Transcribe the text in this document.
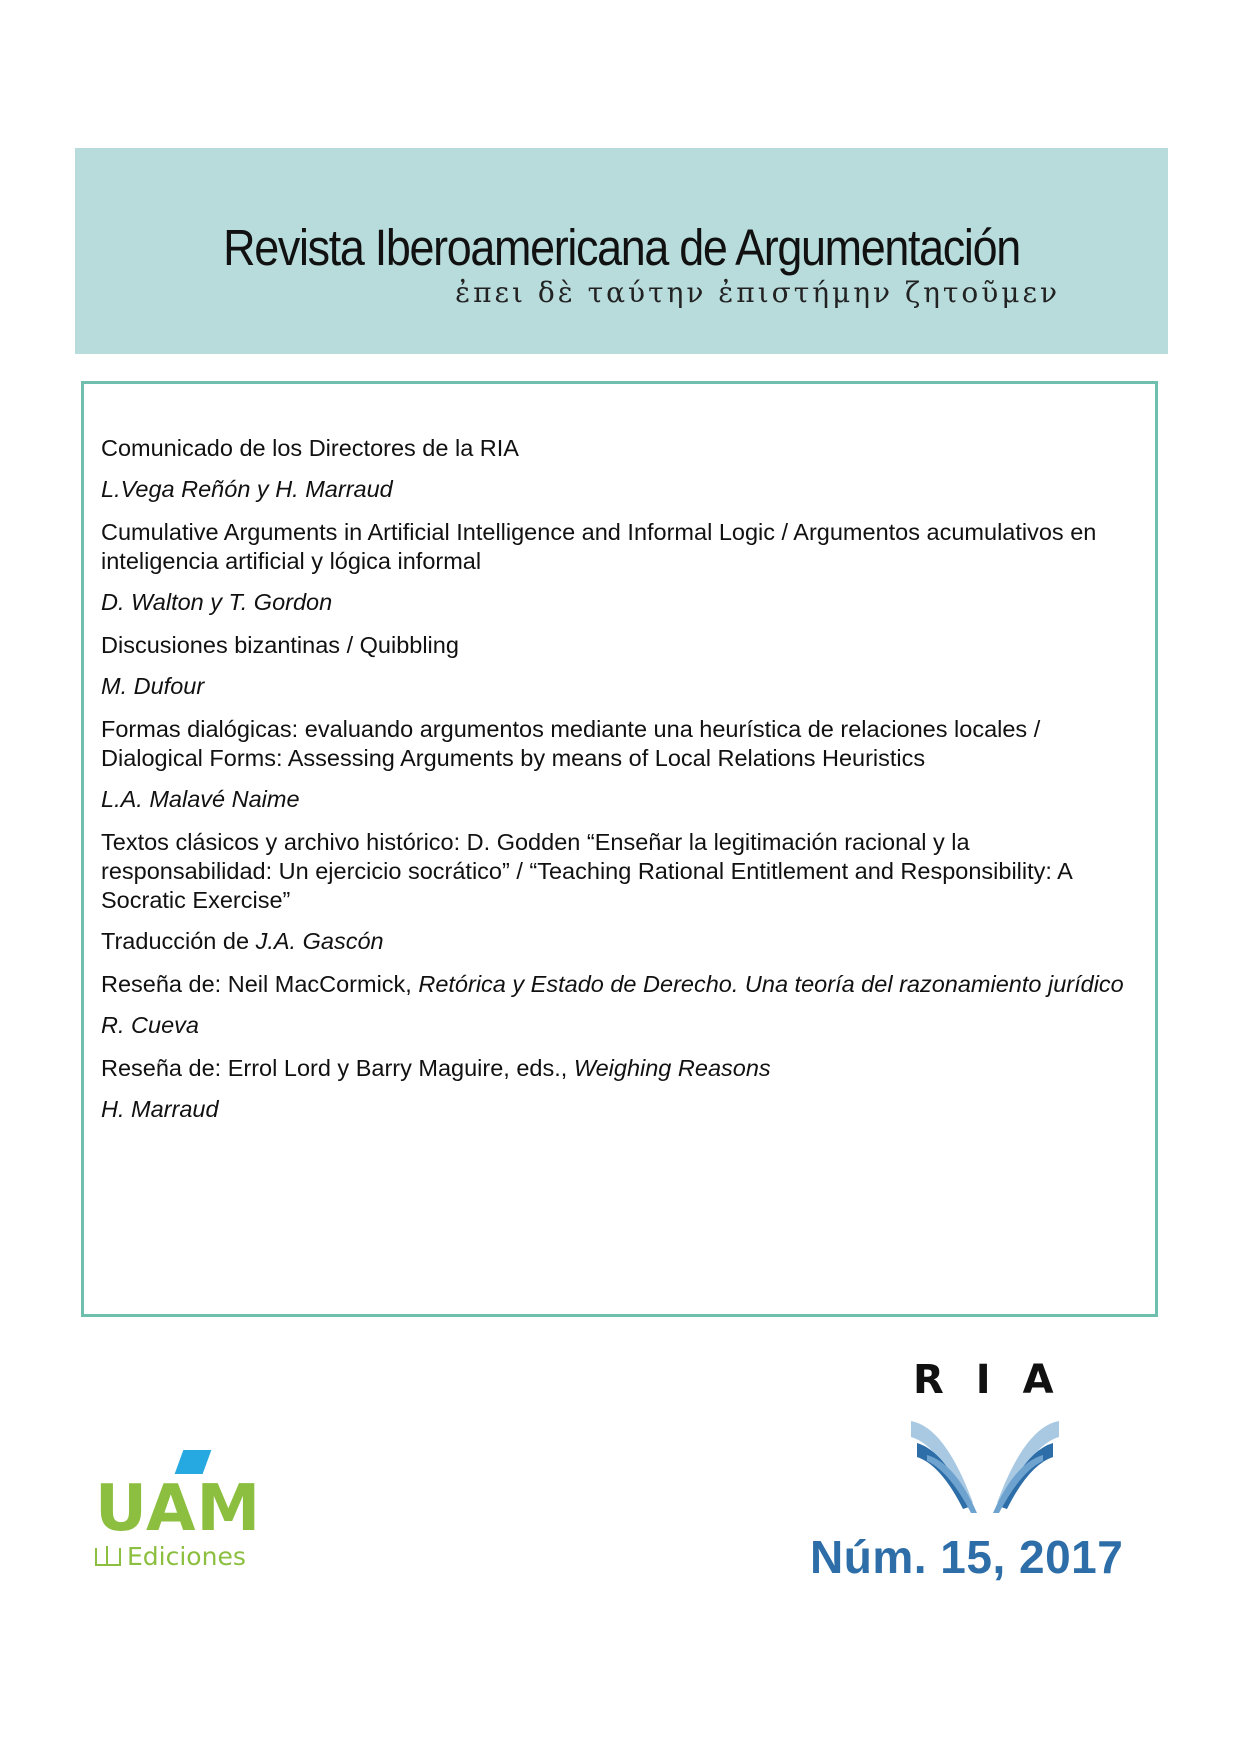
Revista Iberoamericana de Argumentación
ἐπει δὲ ταύτην ἐπιστήμην ζητοῦμεν
Comunicado de los Directores de la RIA
L.Vega Reñón y H. Marraud
Cumulative Arguments in Artificial Intelligence and Informal Logic / Argumentos acumulativos en inteligencia artificial y lógica informal
D. Walton y T. Gordon
Discusiones bizantinas / Quibbling
M. Dufour
Formas dialógicas: evaluando argumentos mediante una heurística de relaciones locales / Dialogical Forms: Assessing Arguments by means of Local Relations Heuristics
L.A. Malavé Naime
Textos clásicos y archivo histórico: D. Godden “Enseñar la legitimación racional y la responsabilidad: Un ejercicio socrático” / “Teaching Rational Entitlement and Responsibility: A Socratic Exercise”
Traducción de J.A. Gascón
Reseña de: Neil MacCormick, Retórica y Estado de Derecho. Una teoría del razonamiento jurídico
R. Cueva
Reseña de: Errol Lord y Barry Maguire, eds., Weighing Reasons
H. Marraud
UAM
Ediciones
RIA
Núm. 15, 2017
